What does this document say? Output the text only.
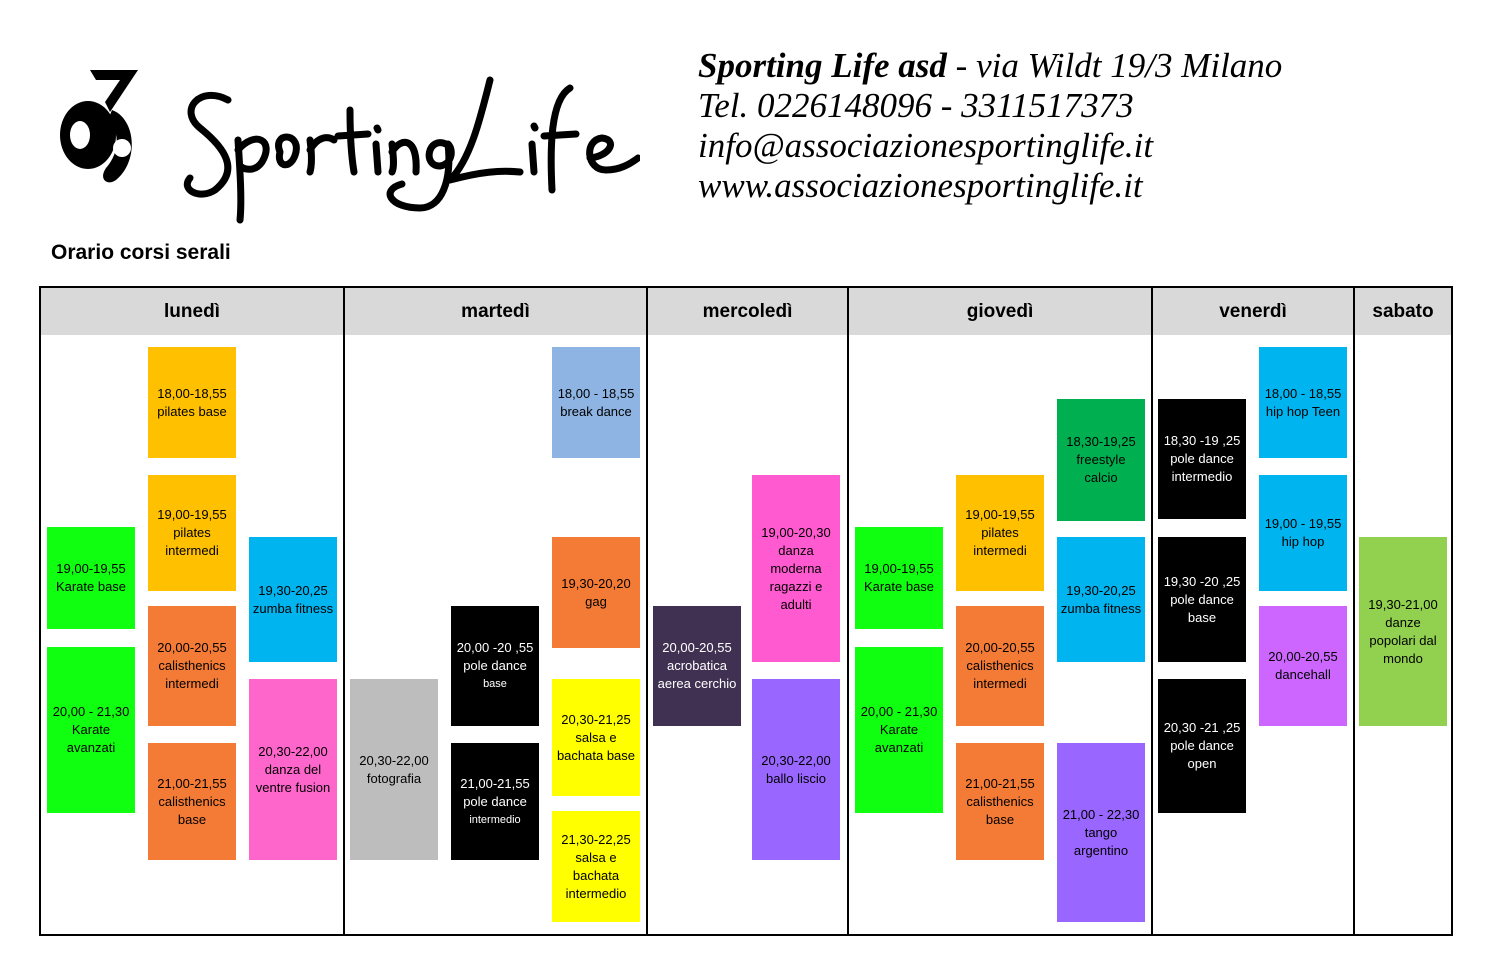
Sporting Life asd - via Wildt 19/3 Milano
Tel. 0226148096 - 3311517373
info@associazionesportinglife.it
www.associazionesportinglife.it
Orario corsi serali
lunedì
18,00-18,55
pilates base
19,00-19,55
pilates intermedi
19,00-19,55
Karate base	19,30-20,25
zumba fitness
20,00-20,55
calisthenics intermedi
20,00 - 21,30
Karate avanzati	20,30-22,00
danza del ventre fusion
21,00-21,55
calisthenics base
martedì
18,00 - 18,55
break dance
19,30-20,20
gag
20,00 -20 ,55
pole dance
base
20,30-22,00
fotografia
20,30-21,25
salsa e bachata base
21,00-21,55
pole dance
intermedio
21,30-22,25
salsa e bachata intermedio
mercoledì
19,00-20,30
danza moderna ragazzi e adulti
20,00-20,55
acrobatica aerea cerchio
20,30-22,00
ballo liscio
giovedì
18,30-19,25
freestyle calcio
19,00-19,55
pilates intermedi
19,00-19,55
Karate base	19,30-20,25
zumba fitness
20,00-20,55
calisthenics intermedi
20,00 - 21,30
Karate avanzati
21,00-21,55
calisthenics base	21,00 - 22,30
tango argentino
venerdì
18,00 - 18,55
hip hop Teen
18,30 -19 ,25
pole dance intermedio
19,00 - 19,55
hip hop
19,30 -20 ,25
pole dance base
20,00-20,55
dancehall
20,30 -21 ,25
pole dance open
sabato
19,30-21,00
danze popolari dal mondo
